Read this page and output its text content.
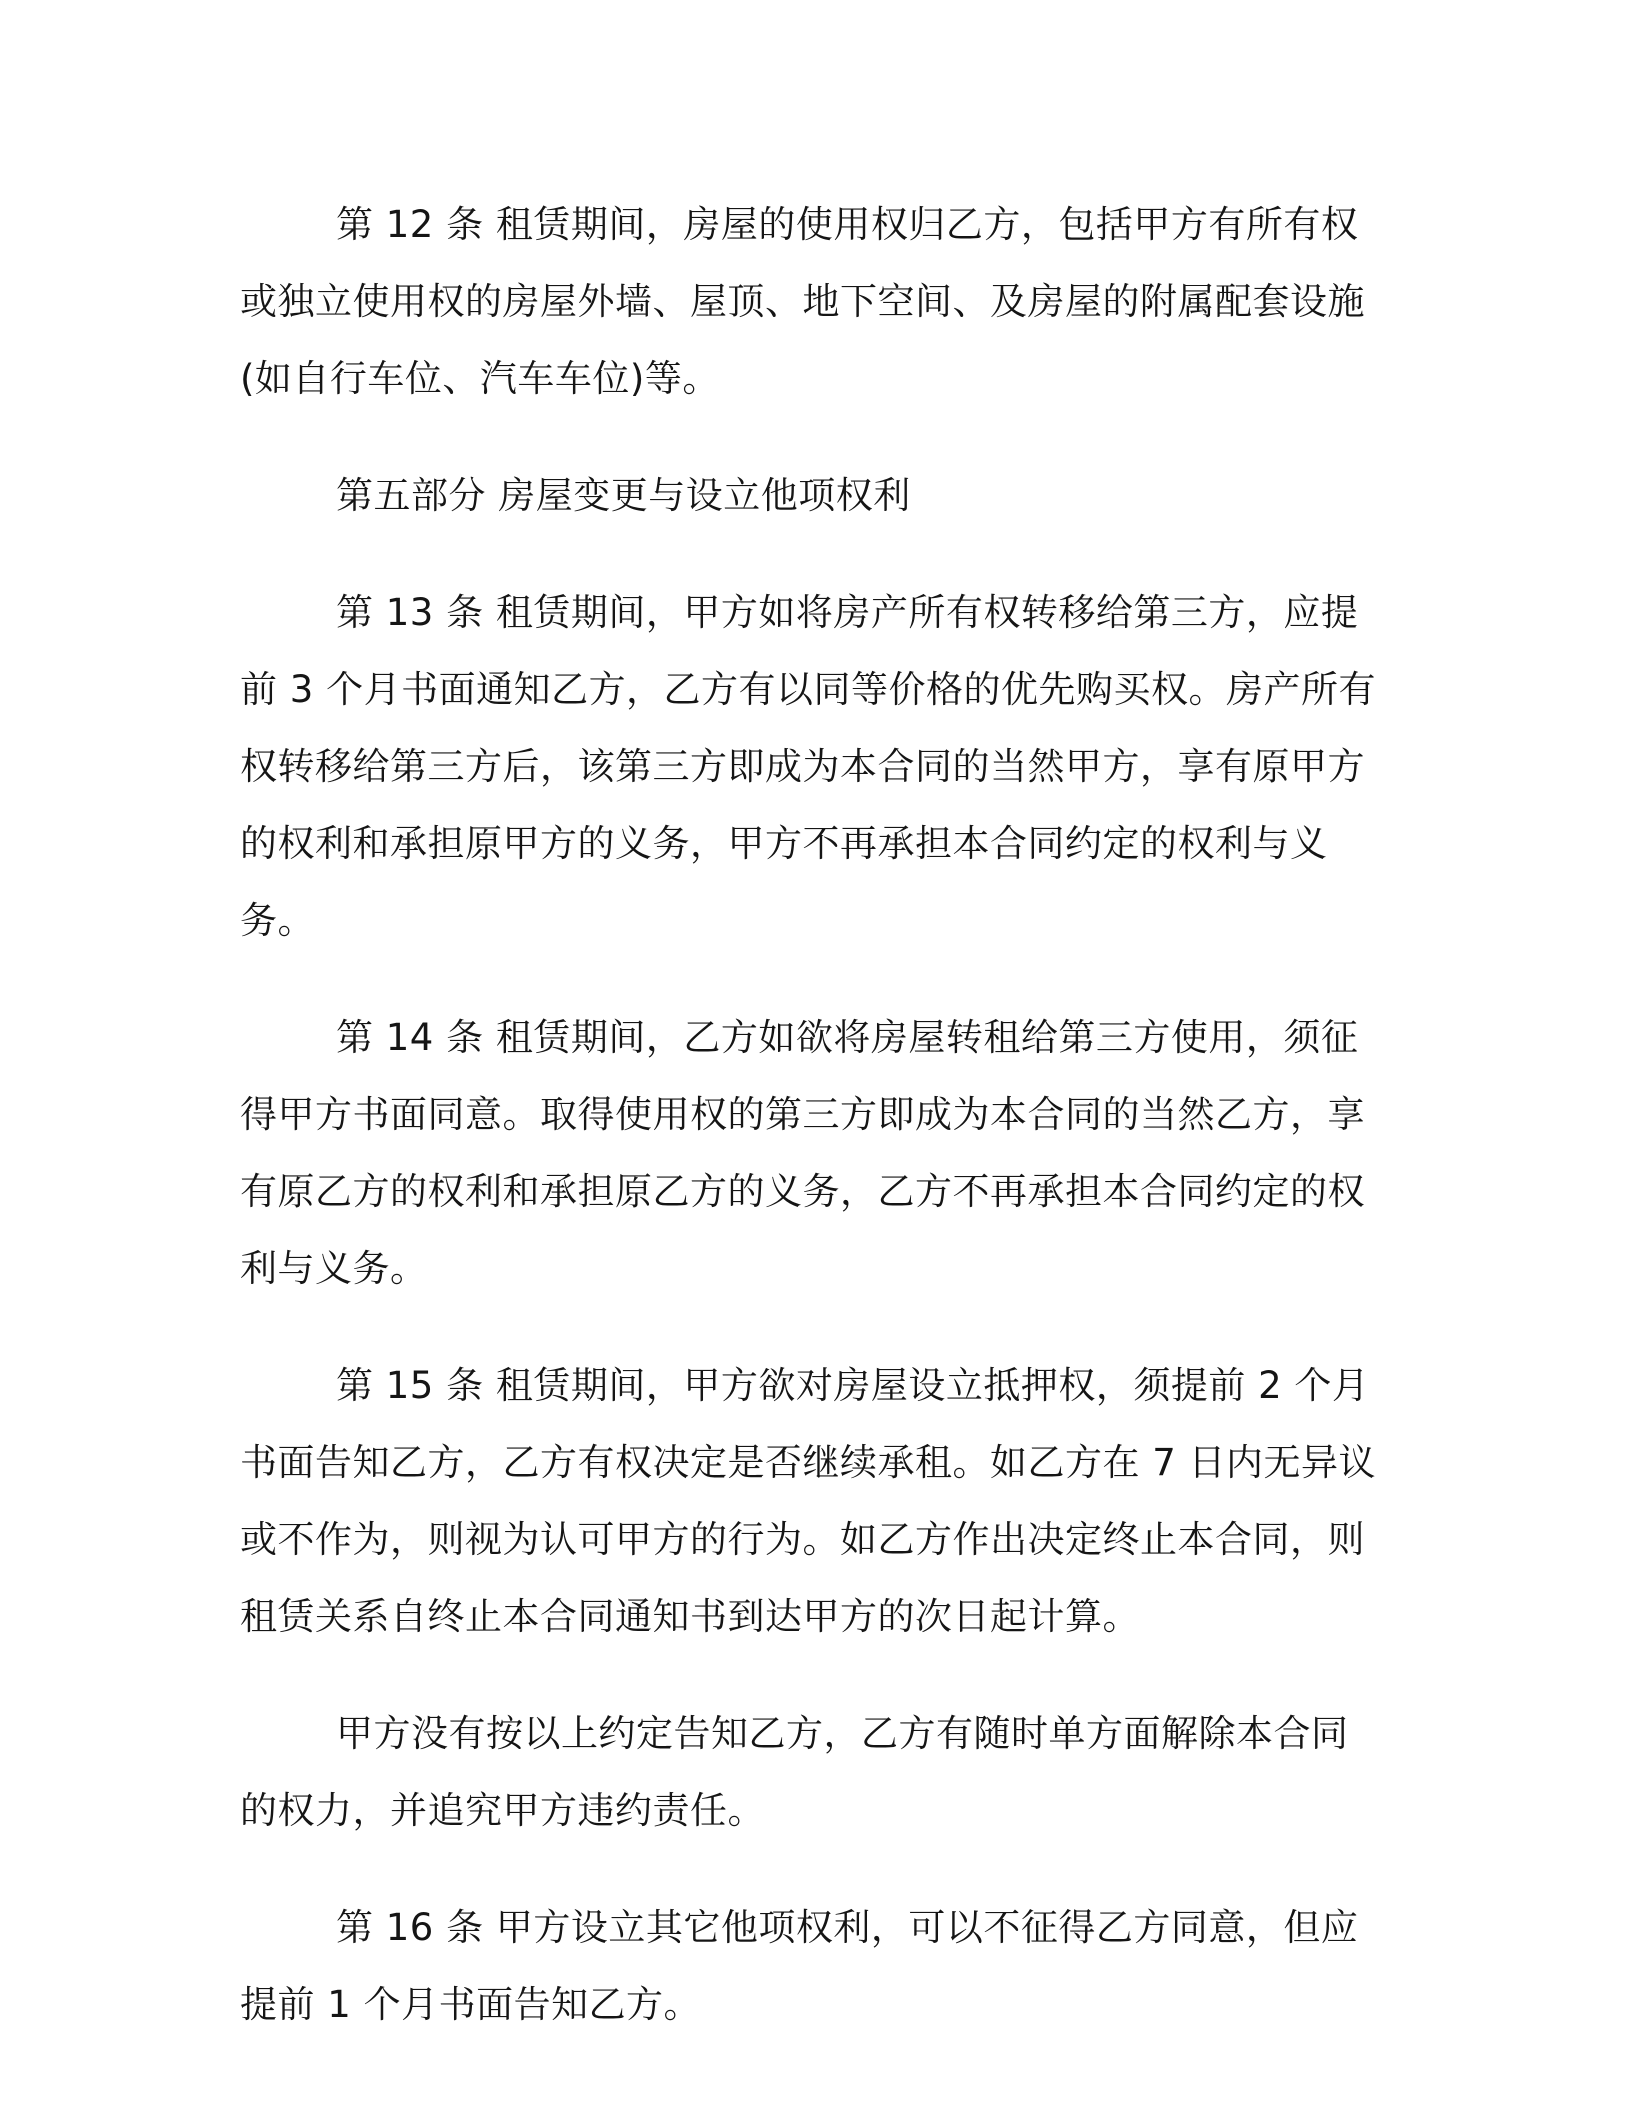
第 12 条 租赁期间，房屋的使用权归乙方，包括甲方有所有权或独立使用权的房屋外墙、屋顶、地下空间、及房屋的附属配套设施(如自行车位、汽车车位)等。

第五部分 房屋变更与设立他项权利

第 13 条 租赁期间，甲方如将房产所有权转移给第三方，应提前 3 个月书面通知乙方，乙方有以同等价格的优先购买权。房产所有权转移给第三方后，该第三方即成为本合同的当然甲方，享有原甲方的权利和承担原甲方的义务，甲方不再承担本合同约定的权利与义务。

第 14 条 租赁期间，乙方如欲将房屋转租给第三方使用，须征得甲方书面同意。取得使用权的第三方即成为本合同的当然乙方，享有原乙方的权利和承担原乙方的义务，乙方不再承担本合同约定的权利与义务。

第 15 条 租赁期间，甲方欲对房屋设立抵押权，须提前 2 个月书面告知乙方，乙方有权决定是否继续承租。如乙方在 7 日内无异议或不作为，则视为认可甲方的行为。如乙方作出决定终止本合同，则租赁关系自终止本合同通知书到达甲方的次日起计算。

甲方没有按以上约定告知乙方，乙方有随时单方面解除本合同的权力，并追究甲方违约责任。

第 16 条 甲方设立其它他项权利，可以不征得乙方同意，但应提前 1 个月书面告知乙方。
